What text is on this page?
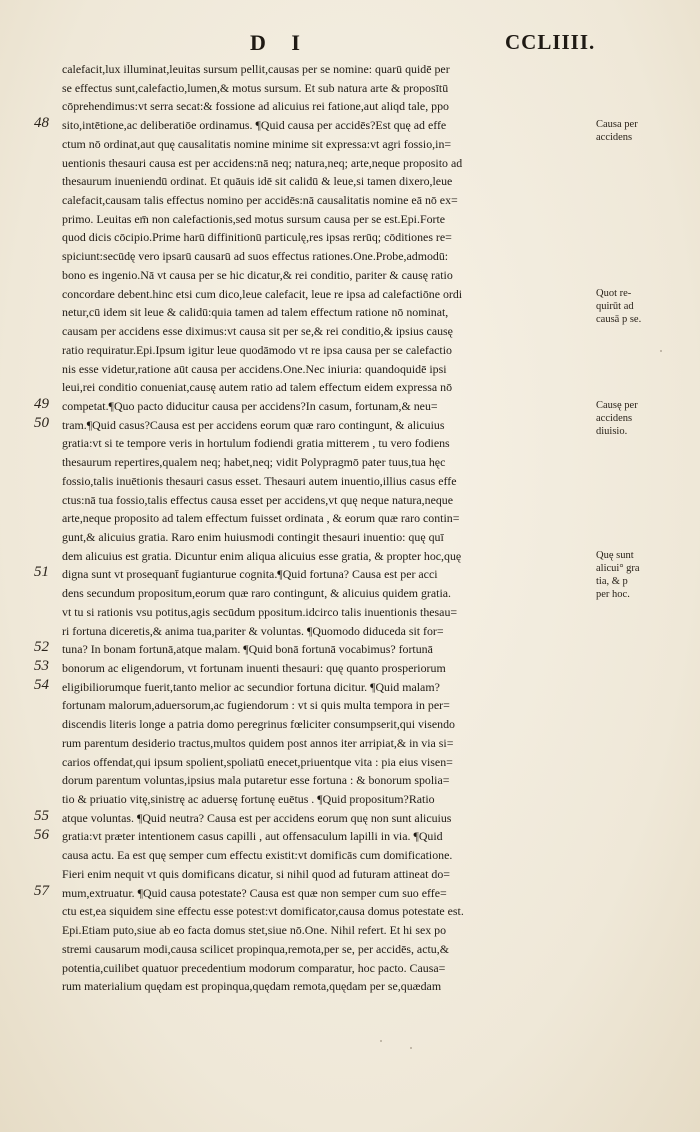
D I	CCLIIII.
calefacit,lux illuminat,leuitas sursum pellit,causas per se nomine: quarū quidē per
se effectus sunt,calefactio,lumen,& motus sursum. Et sub natura arte & proposītū
cōprehendimus:vt serra secat:& fossione ad alicuius rei fatione,aut aliqd tale, ppo
sito,intētione,ac deliberatiōe ordinamus. ¶Quid causa per accidēs?Est quę ad effe
ctum nō ordinat,aut quę causalitatis nomine minime sit expressa:vt agri fossio,in=
uentionis thesauri causa est per accidens:nā neq; natura,neq; arte,neque proposito ad
thesaurum inueniendū ordinat. Et quāuis idē sit calidū & leue,si tamen dixero,leue
calefacit,causam talis effectus nomino per accidēs:nā causalitatis nomine eā nō ex=
primo. Leuitas em̄ non calefactionis,sed motus sursum causa per se est.Epi.Forte
quod dicis cōcipio.Prime harū diffinitionū particulę,res ipsas rerūq; cōditiones re=
spiciunt:secūdę vero ipsarū causarū ad suos effectus rationes.One.Probe,admodū:
bono es ingenio.Nā vt causa per se hic dicatur,& rei conditio, pariter & causę ratio
concordare debent.hinc etsi cum dico,leue calefacit, leue re ipsa ad calefactiōne ordi
netur,cū idem sit leue & calidū:quia tamen ad talem effectum ratione nō nominat,
causam per accidens esse diximus:vt causa sit per se,& rei conditio,& ipsius causę
ratio requiratur.Epi.Ipsum igitur leue quodāmodo vt re ipsa causa per se calefactio
nis esse videtur,ratione aūt causa per accidens.One.Nec iniuria: quandoquidē ipsi
leui,rei conditio conueniat,causę autem ratio ad talem effectum eidem expressa nō
competat.¶Quo pacto diducitur causa per accidens?In casum, fortunam,& neu=
tram.¶Quid casus?Causa est per accidens eorum quæ raro contingunt, & alicuius
gratia:vt si te tempore veris in hortulum fodiendi gratia mitterem , tu vero fodiens
thesaurum repertires,qualem neq; habet,neq; vidit Polypragmō pater tuus,tua hęc
fossio,talis inuētionis thesauri casus esset. Thesauri autem inuentio,illius casus effe
ctus:nā tua fossio,talis effectus causa esset per accidens,vt quę neque natura,neque
arte,neque proposito ad talem effectum fuisset ordinata , & eorum quæ raro contin=
gunt,& alicuius gratia. Raro enim huiusmodi contingit thesauri inuentio: quę quī
dem alicuius est gratia. Dicuntur enim aliqua alicuius esse gratia, & propter hoc,quę
digna sunt vt prosequant̄ fugianturue cognita.¶Quid fortuna? Causa est per acci
dens secundum propositum,eorum quæ raro contingunt, & alicuius quidem gratia.
vt tu si rationis vsu potitus,agis secūdum ppositum.idcirco talis inuentionis thesau=
ri fortuna diceretis,& anima tua,pariter & voluntas. ¶Quomodo diduceda sit for=
tuna? In bonam fortunā,atque malam. ¶Quid bonā fortunā vocabimus? fortunā
bonorum ac eligendorum, vt fortunam inuenti thesauri: quę quanto prosperiorum
eligibiliorumque fuerit,tanto melior ac secundior fortuna dicitur. ¶Quid malam?
fortunam malorum,aduersorum,ac fugiendorum : vt si quis multa tempora in per=
discendis literis longe a patria domo peregrinus fœliciter consumpserit,qui visendo
rum parentum desiderio tractus,multos quidem post annos iter arripiat,& in via si=
carios offendat,qui ipsum spolient,spoliatū enecet,priuentque vita : pia eius visen=
dorum parentum voluntas,ipsius mala putaretur esse fortuna : & bonorum spolia=
tio & priuatio vitę,sinistrę ac aduersę fortunę euētus . ¶Quid propositum?Ratio
atque voluntas. ¶Quid neutra? Causa est per accidens eorum quę non sunt alicuius
gratia:vt præter intentionem casus capilli , aut offensaculum lapilli in via. ¶Quid
causa actu. Ea est quę semper cum effectu existit:vt domificās cum domificatione.
Fieri enim nequit vt quis domificans dicatur, si nihil quod ad futuram attineat do=
mum,extruatur. ¶Quid causa potestate? Causa est quæ non semper cum suo effe=
ctu est,ea siquidem sine effectu esse potest:vt domificator,causa domus potestate est.
Epi.Etiam puto,siue ab eo facta domus stet,siue nō.One. Nihil refert. Et hi sex po
stremi causarum modi,causa scilicet propinqua,remota,per se, per accidēs, actu,&
potentia,cuilibet quatuor precedentium modorum comparatur, hoc pacto. Causa=
rum materialium quędam est propinqua,quędam remota,quędam per se,quædam
48
49
50
51
52
53
54
55
56
57
Causa per
accidens
Quot re-
quirūt ad
causā p se.
Causę per
accidens
diuisio.
Quę sunt
alicui° gra
tia, & p
per hoc.
